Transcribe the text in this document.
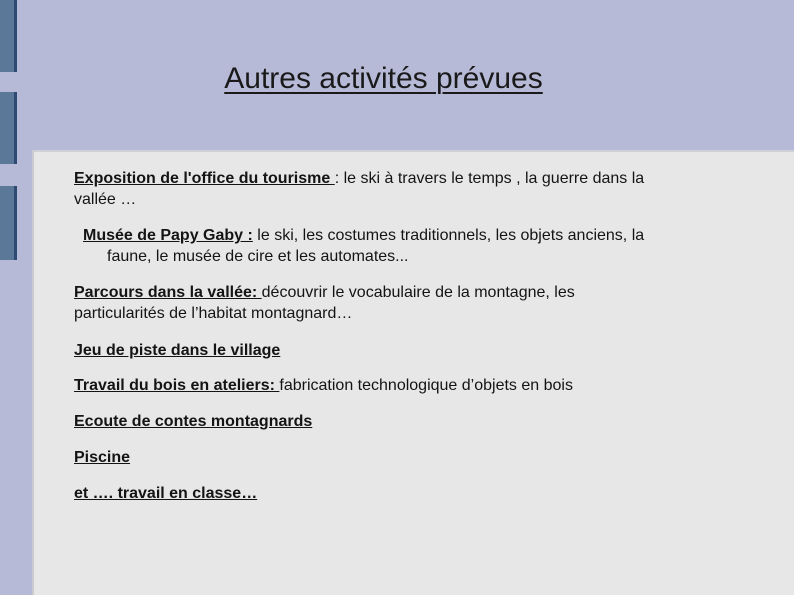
Autres activités prévues
Exposition de l'office du tourisme : le ski à travers le temps , la guerre dans la
vallée …
Musée de Papy Gaby : le ski, les costumes traditionnels, les objets anciens, la
faune, le musée de cire et les automates...
Parcours dans la vallée: découvrir le vocabulaire de la montagne, les
particularités de l’habitat montagnard…
Jeu de piste dans le village
Travail du bois en ateliers: fabrication technologique d’objets en bois
Ecoute de contes montagnards
Piscine
et …. travail en classe…
